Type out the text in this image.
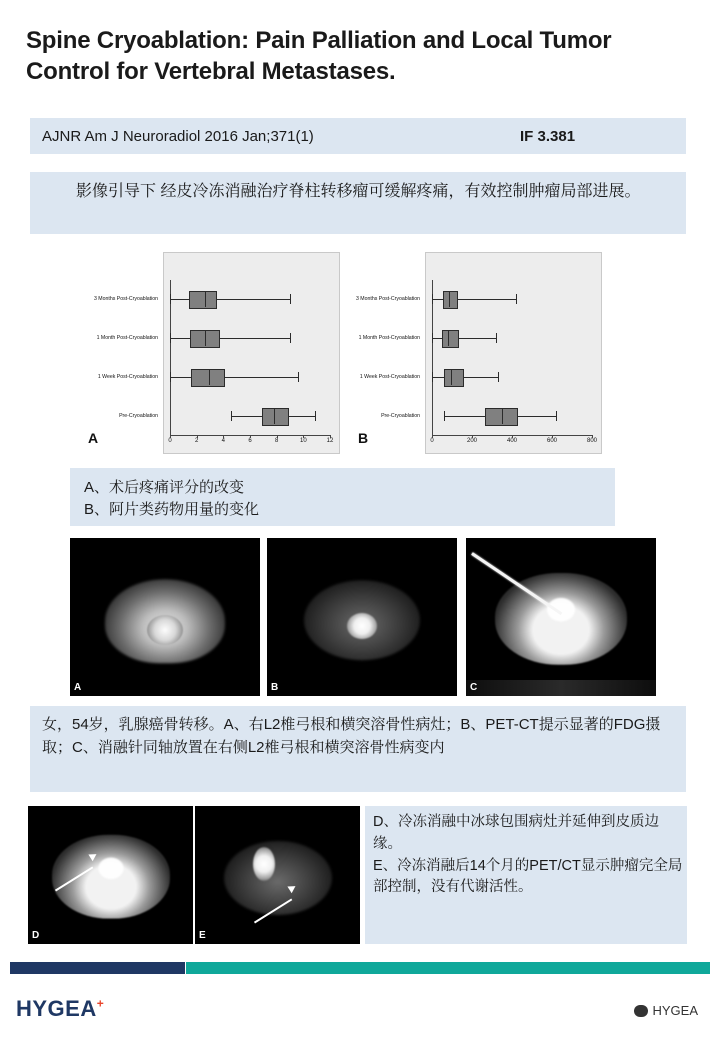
Spine Cryoablation: Pain Palliation and Local Tumor Control for Vertebral Metastases.
AJNR Am J Neuroradiol 2016 Jan;371(1)	IF 3.381
影像引导下 经皮冷冻消融治疗脊柱转移瘤可缓解疼痛，有效控制肿瘤局部进展。
A	B
0	2	4	6	8	10	12
3 Months Post-Cryoablation
1 Month Post-Cryoablation
1 Week Post-Cryoablation
Pre-Cryoablation
0	200	400	600	800
3 Months Post-Cryoablation
1 Month Post-Cryoablation
1 Week Post-Cryoablation
Pre-Cryoablation
A、术后疼痛评分的改变
B、阿片类药物用量的变化
A	B	C
女，54岁，乳腺癌骨转移。A、右L2椎弓根和横突溶骨性病灶；B、PET-CT提示显著的FDG摄取；C、消融针同轴放置在右侧L2椎弓根和横突溶骨性病变内
D	E
D、冷冻消融中冰球包围病灶并延伸到皮质边缘。
E、冷冻消融后14个月的PET/CT显示肿瘤完全局部控制，没有代谢活性。
HYGEA+	HYGEA
